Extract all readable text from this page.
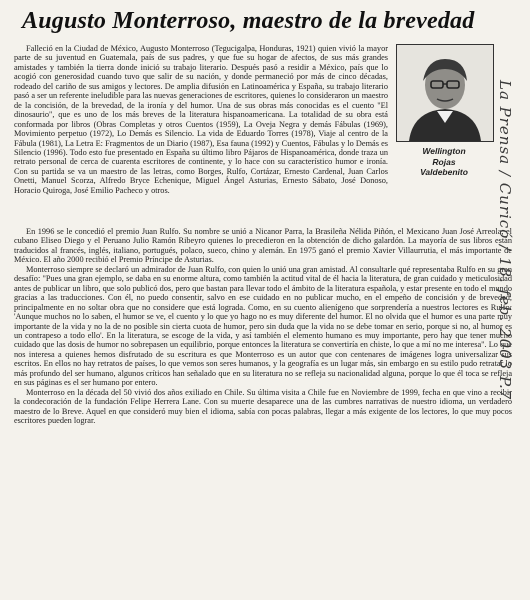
Augusto Monterroso, maestro de la brevedad

Falleció en la Ciudad de México, Augusto Monterroso (Tegucigalpa, Honduras, 1921) quien vivió la mayor parte de su juventud en Guatemala, país de sus padres, y que fue su hogar de afectos, de sus más grandes amistades y también la tierra donde inició su trabajo literario. Después pasó a residir a México, país que lo acogió con generosidad cuando tuvo que salir de su nación, y donde permaneció por más de cinco décadas, rodeado del cariño de sus amigos y lectores. De amplia difusión en Latinoamérica y España, su trabajo literario pasó a ser un referente ineludible para las nuevas generaciones de escritores, quienes lo consideraron un maestro de la concisión, de la brevedad, de la ironía y del humor. Una de sus obras más conocidas es el cuento "El dinosaurio", que es uno de los más breves de la literatura hispanoamericana. La totalidad de su obra está conformada por libros (Obras Completas y otros Cuentos (1959), La Oveja Negra y demás Fábulas (1969), Movimiento perpetuo (1972), Lo Demás es Silencio. La vida de Eduardo Torres (1978), Viaje al centro de la Fábula (1981), La Letra E: Fragmentos de un Diario (1987), Esa fauna (1992) y Cuentos, Fábulas y lo Demás es Silencio (1996). Todo esto fue presentado en España su último libro Pájaros de Hispanoamérica, donde traza un retrato personal de cerca de cuarenta escritores de continente, y lo hace con su característico humor e ironía. Con su partida se va un maestro de las letras, como Borges, Rulfo, Cortázar, Ernesto Cardenal, Juan Carlos Onetti, Manuel Scorza, Alfredo Bryce Echenique, Miguel Ángel Asturias, Ernesto Sábato, José Donoso, Horacio Quiroga, José Emilio Pacheco y otros.

Wellington
Rojas
Valdebenito

En 1996 se le concedió el premio Juan Rulfo. Su nombre se unió a Nicanor Parra, la Brasileña Nélida Piñón, el Mexicano Juan José Arreola, el cubano Eliseo Diego y el Peruano Julio Ramón Ribeyro quienes lo precedieron en la obtención de dicho galardón. La mayoría de sus libros están traducidos al francés, inglés, italiano, portugués, polaco, sueco, chino y alemán. En 1975 ganó el premio Xavier Villaurrutia, el más importante de México. El año 2000 recibió el Premio Príncipe de Asturias.

Monterroso siempre se declaró un admirador de Juan Rulfo, con quien lo unió una gran amistad. Al consultarle qué representaba Rulfo en su gran desafío: "Pues una gran ejemplo, se daba en su enorme altura, como también la actitud vital de él hacia la literatura, de gran cuidado y meticulosidad antes de publicar un libro, que solo publicó dos, pero que bastan para llevar todo el ámbito de la literatura española, y estar presente en todo el mundo gracias a las traducciones. Con él, no puedo consentir, salvo en ese cuidado en no publicar mucho, en el empeño de concisión y de brevedad, principalmente en no soltar obra que no considere que está lograda. Como, en su cuento alienígeno que sorprendería a nuestros lectores es Rulfo: 'Aunque muchos no lo saben, el humor se ve, el cuento y lo que yo hago no es muy diferente del humor. El no olvida que el humor es una parte muy importante de la vida y no la de no posible sin cierta cuota de humor, pero sin duda que la vida no se debe tomar en serio, porque si no, al humor es un contrapeso a todo ello'. En la literatura, se escoge de la vida, y así también el elemento humano es muy importante, pero hay que tener mucho cuidado que las dosis de humor no sobrepasen un equilibrio, porque entonces la literatura se convertiría en chiste, lo que a mí no me interesa". Lo que nos interesa a quienes hemos disfrutado de su escritura es que Monterroso es un autor que con centenares de imágenes logra universalizar sus escritos. En ellos no hay retratos de países, lo que vemos son seres humanos, y la geografía es un lugar más, sin embargo en su estilo pudo retratar lo más profundo del ser humano, algunos críticos han señalado que en su literatura no se refleja su nacionalidad alguna, porque lo que él toca se refleja en sus páginas es el ser humano por entero.

Monterroso en la década del 50 vivió dos años exiliado en Chile. Su última visita a Chile fue en Noviembre de 1999, fecha en que vino a recibir la condecoración de la fundación Felipe Herrera Lane. Con su muerte desaparece una de las cumbres narrativas de nuestro idioma, un verdadero maestro de lo Breve. Aquel en que consideró muy bien el idioma, sabía con pocas palabras, llegar a más exigente de los lectores, lo que muy pocos escritores pueden lograr.

La Prensa / Curicó / 18. feb. 2003 P.7
